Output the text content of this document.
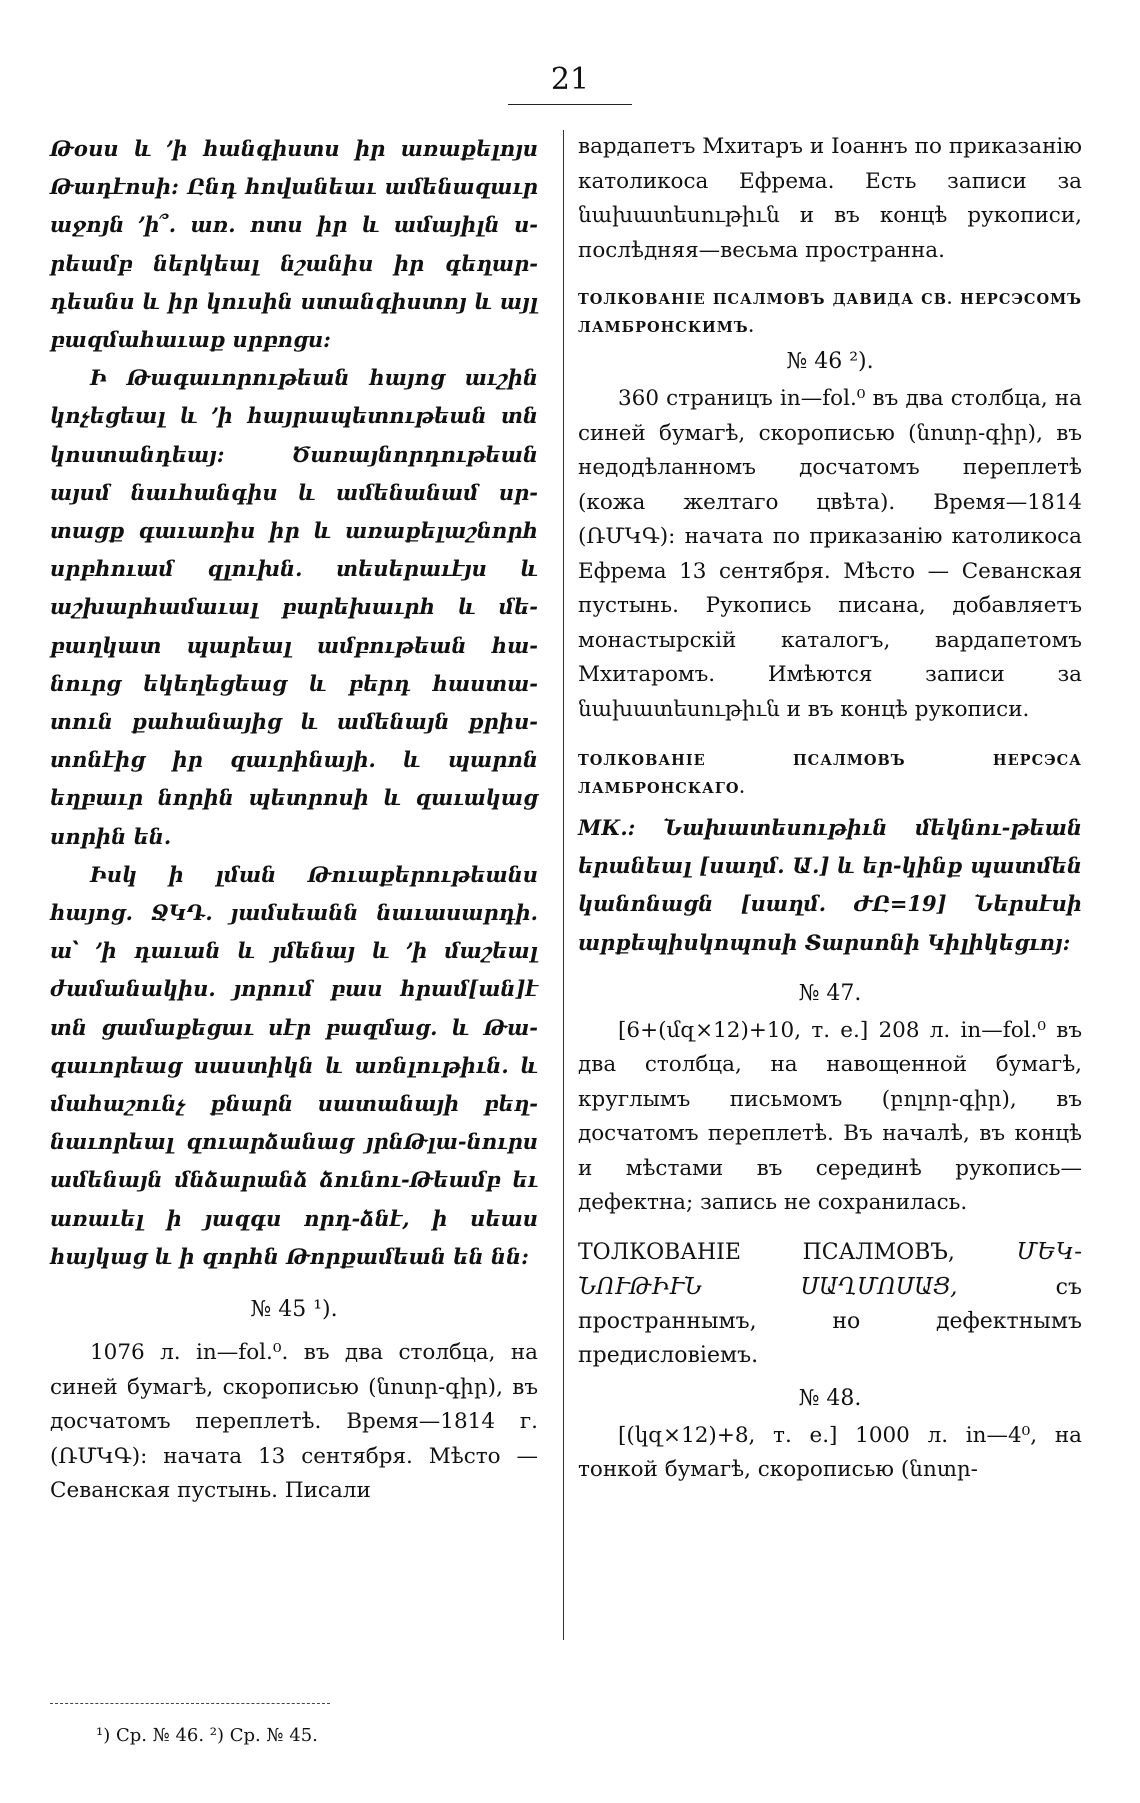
21

Թօսս և ՚ի հանգիստս իր առաքելոյս Թադէոսի: Ընդ հովանեաւ ամենազաւր աջոյն ՚ի՞. առ. ոտս իր և ամայիլն ս-րեամբ ներկեալ նշանիս իր գեղար-դեանս և իր կուսին ստանգիստոյ և այլ բազմահաւաք սրբոցս:

Ի Թագաւորութեան հայոց աւշին կոչեցեալ և ՚ի հայրապետութեան տն կոստանդեայ: Ծառայնորդութեան այսմ նաւհանգիս և ամենանամ սր-տացք գաւառիս իր և առաքելաշնորհ սրբհուամ զլուխն. տեսերաւէյս և աշխարհամաւալ բարեխաւրհ և մե-բաղկատ պարեալ ամբութեան հա-նուրց եկեղեցեաց և բերդ հաստա-տուն քահանայից և ամենայն քրիս-տոնէից իր զաւրինայի. և պարոն եղբաւր նորին պետրոսի և զաւակաց սորին են.

Իսկ ի լման Թուաքերութեանս հայոց. ՋԿԴ. յամսեանն նաւասարդի. ա՝ ՚ի դաւան և յմենայ և ՚ի մաշեալ ժամանակիս. յորում բաս հրամ[ան]է տն ցամաքեցաւ սէր բազմաց. և Թա-գաւորեաց սաստիկն և առնլութիւն. և մահաշունչ քնարն սատանայի բեղ-նաւորեալ զուարձանաց յրնԹլա-նուրս ամենայն մնձարանձ ձունու-Թեամբ եւ առաւել ի յազգս որդ-ձնէ, ի սեաս հայկաց և ի զորհն Թորքամեան են նն:

№ 45 ¹).

1076 л. in—fol.⁰. въ два столбца, на синей бумагѣ, скорописью (նոտր-գիր), въ досчатомъ переплетѣ. Время—1814 г. (ՌՄԿԳ): начата 13 сентября. Мѣсто — Севанская пустынь. Писали

вардапетъ Мхитаръ и Іоаннъ по приказанію католикоса Ефрема. Есть записи за նախատեսութիւն и въ концѣ рукописи, послѣдняя—весьма пространна.

ТОЛКОВАНІЕ ПСАЛМОВЪ ДАВИДА СВ. НЕРСЭСОМЪ ЛАМБРОНСКИМЪ.

№ 46 ²).

360 страницъ in—fol.⁰ въ два столбца, на синей бумагѣ, скорописью (նոտր-գիր), въ недодѣланномъ досчатомъ переплетѣ (кожа желтаго цвѣта). Время—1814 (ՌՄԿԳ): начата по приказанію католикоса Ефрема 13 сентября. Мѣсто — Севанская пустынь. Рукопись писана, добавляетъ монастырскій каталогъ, вардапетомъ Мхитаромъ. Имѣются записи за նախատեսութիւն и въ концѣ рукописи.

ТОЛКОВАНІЕ ПСАЛМОВЪ НЕРСЭСА ЛАМБРОНСКАГО.

МК.: Նախատեսութիւն մեկնու-թեան երանեալ [սաղմ. Ա.] և եր-կինք պատմեն կանոնացն [սաղմ. ԺԸ=19] Ներսէսի արքեպիսկոպոսի Տարսոնի Կիլիկեցւոյ:

№ 47.

[6+(մզ×12)+10, т. е.] 208 л. in—fol.⁰ въ два столбца, на навощенной бумагѣ, круглымъ письмомъ (բոլոր-գիր), въ досчатомъ переплетѣ. Въ началѣ, въ концѣ и мѣстами въ серединѣ рукопись—дефектна; запись не сохранилась.

ТОЛКОВАНІЕ ПСАЛМОВЪ,	ՄԵԿ-ՆՈՒԹԻՒՆ ՍԱՂՄՈՍԱՑ,	съ пространнымъ, но дефектнымъ предисловіемъ.

№ 48.

[(կզ×12)+8, т. е.] 1000 л. in—4⁰, на тонкой бумагѣ, скорописью (նոտր-

¹) Ср. № 46. ²) Ср. № 45.
